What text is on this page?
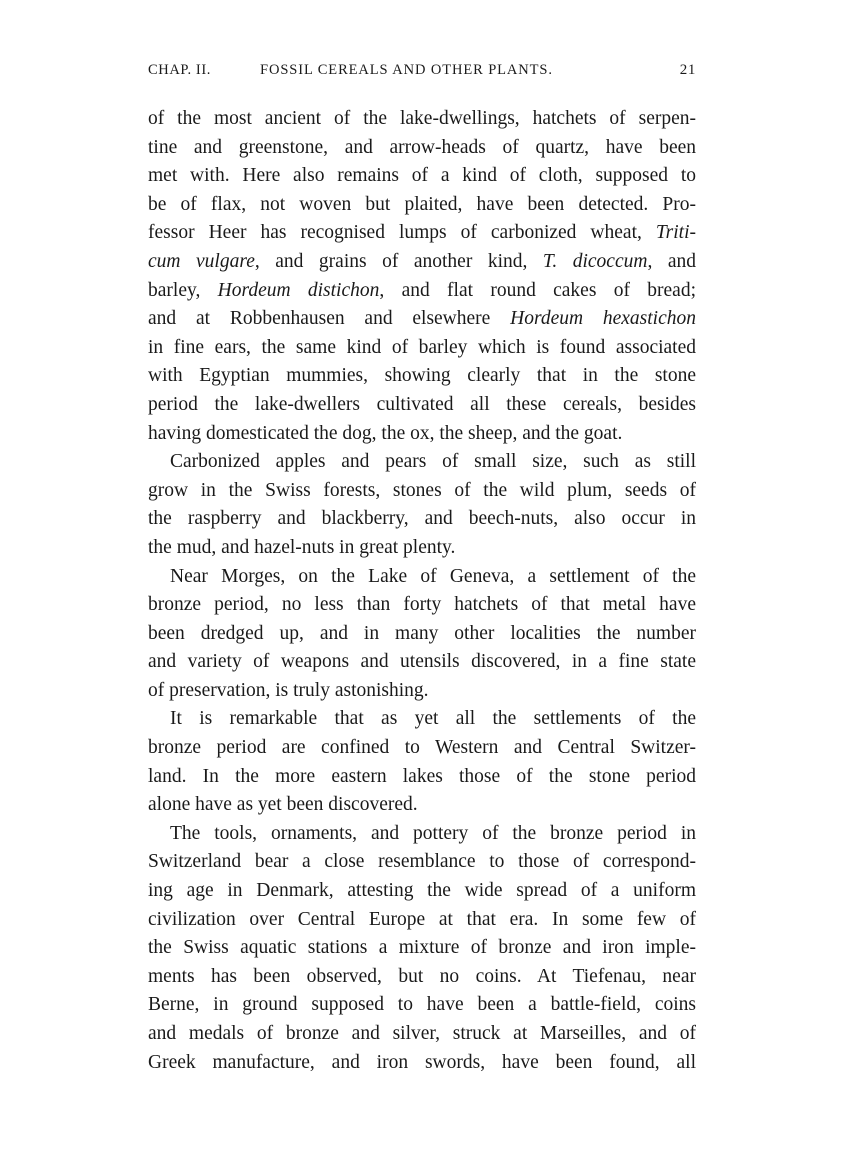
CHAP. II.	FOSSIL CEREALS AND OTHER PLANTS.	21
of the most ancient of the lake-dwellings, hatchets of serpen-
tine and greenstone, and arrow-heads of quartz, have been
met with. Here also remains of a kind of cloth, supposed to
be of flax, not woven but plaited, have been detected. Pro-
fessor Heer has recognised lumps of carbonized wheat, Triti-
cum vulgare, and grains of another kind, T. dicoccum, and
barley, Hordeum distichon, and flat round cakes of bread;
and at Robbenhausen and elsewhere Hordeum hexastichon
in fine ears, the same kind of barley which is found associated
with Egyptian mummies, showing clearly that in the stone
period the lake-dwellers cultivated all these cereals, besides
having domesticated the dog, the ox, the sheep, and the goat.
Carbonized apples and pears of small size, such as still
grow in the Swiss forests, stones of the wild plum, seeds of
the raspberry and blackberry, and beech-nuts, also occur in
the mud, and hazel-nuts in great plenty.
Near Morges, on the Lake of Geneva, a settlement of the
bronze period, no less than forty hatchets of that metal have
been dredged up, and in many other localities the number
and variety of weapons and utensils discovered, in a fine state
of preservation, is truly astonishing.
It is remarkable that as yet all the settlements of the
bronze period are confined to Western and Central Switzer-
land. In the more eastern lakes those of the stone period
alone have as yet been discovered.
The tools, ornaments, and pottery of the bronze period in
Switzerland bear a close resemblance to those of correspond-
ing age in Denmark, attesting the wide spread of a uniform
civilization over Central Europe at that era. In some few of
the Swiss aquatic stations a mixture of bronze and iron imple-
ments has been observed, but no coins. At Tiefenau, near
Berne, in ground supposed to have been a battle-field, coins
and medals of bronze and silver, struck at Marseilles, and of
Greek manufacture, and iron swords, have been found, all
